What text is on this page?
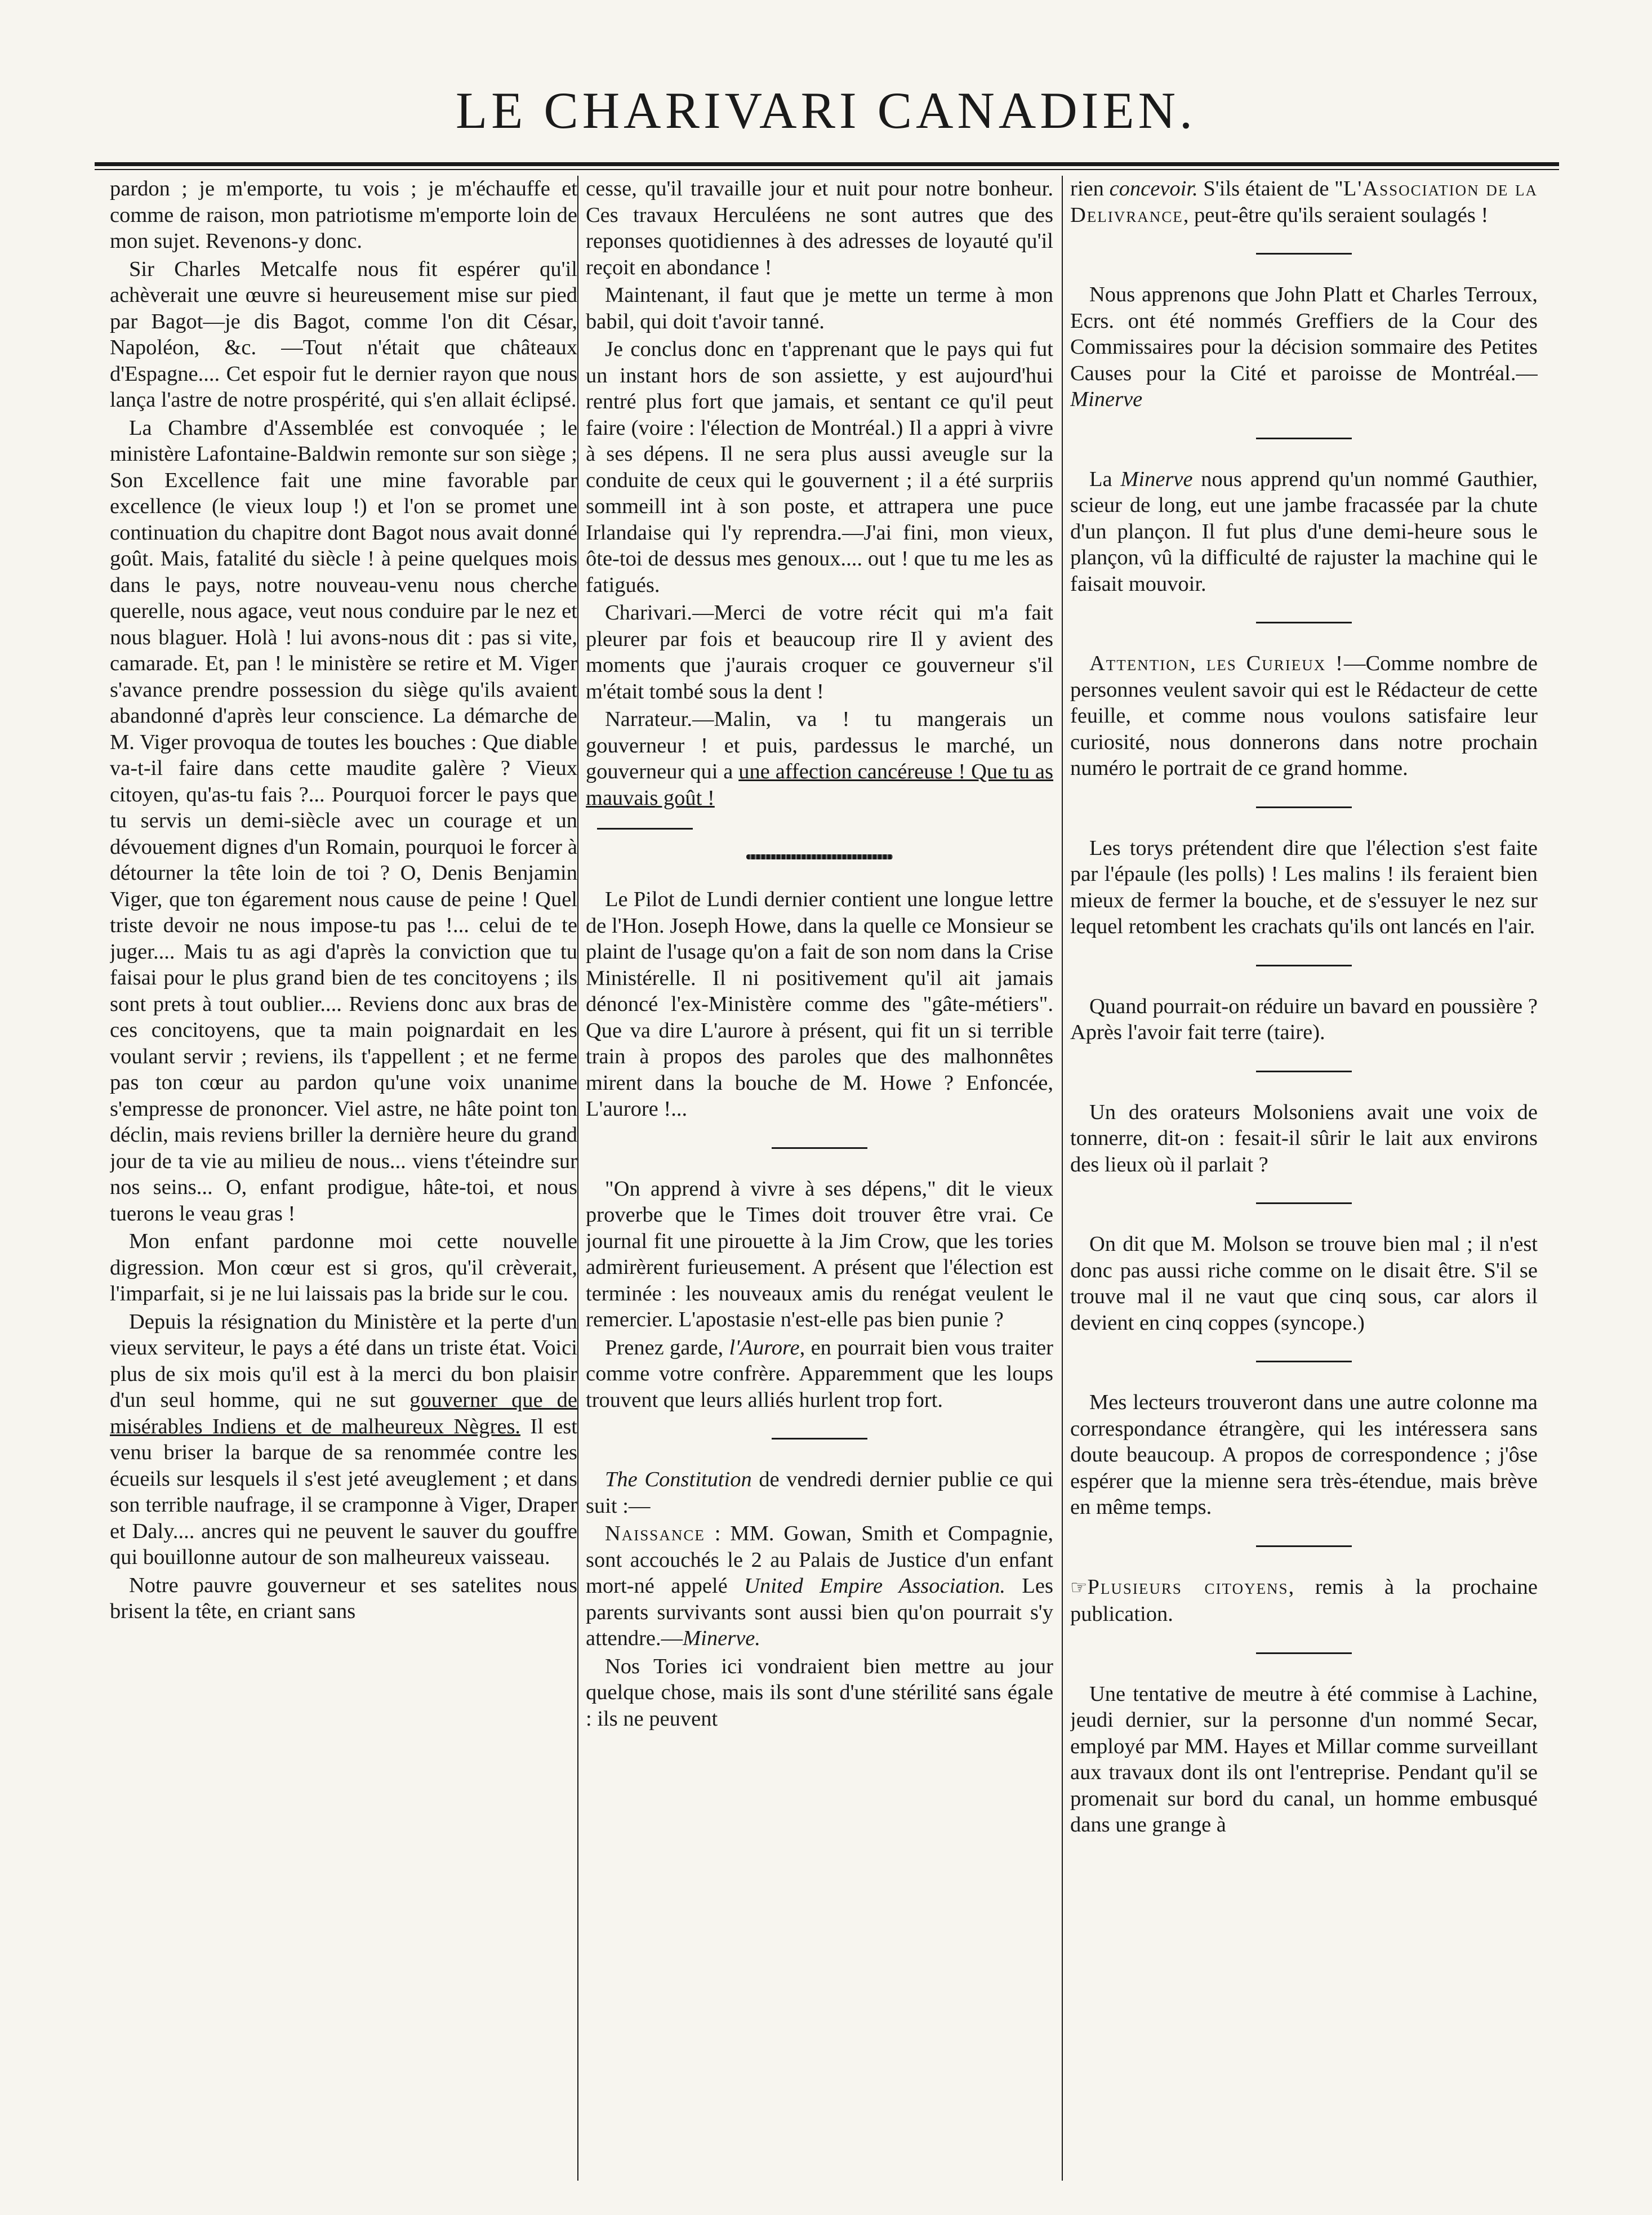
LE CHARIVARI CANADIEN.

pardon ; je m'emporte, tu vois ; je m'échauffe et comme de raison, mon patriotisme m'emporte loin de mon sujet. Revenons-y donc.

Sir Charles Metcalfe nous fit espérer qu'il achèverait une œuvre si heureusement mise sur pied par Bagot—je dis Bagot, comme l'on dit César, Napoléon, &c. —Tout n'était que châteaux d'Espagne.... Cet espoir fut le dernier rayon que nous lança l'astre de notre prospérité, qui s'en allait éclipsé.

La Chambre d'Assemblée est convoquée ; le ministère Lafontaine-Baldwin remonte sur son siège ; Son Excellence fait une mine favorable par excellence (le vieux loup !) et l'on se promet une continuation du chapitre dont Bagot nous avait donné goût. Mais, fatalité du siècle ! à peine quelques mois dans le pays, notre nouveau-venu nous cherche querelle, nous agace, veut nous conduire par le nez et nous blaguer. Holà ! lui avons-nous dit : pas si vite, camarade. Et, pan ! le ministère se retire et M. Viger s'avance prendre possession du siège qu'ils avaient abandonné d'après leur conscience. La démarche de M. Viger provoqua de toutes les bouches : Que diable va-t-il faire dans cette maudite galère ? Vieux citoyen, qu'as-tu fais ?... Pourquoi forcer le pays que tu servis un demi-siècle avec un courage et un dévouement dignes d'un Romain, pourquoi le forcer à détourner la tête loin de toi ? O, Denis Benjamin Viger, que ton égarement nous cause de peine ! Quel triste devoir ne nous impose-tu pas !... celui de te juger.... Mais tu as agi d'après la conviction que tu faisai pour le plus grand bien de tes concitoyens ; ils sont prets à tout oublier.... Reviens donc aux bras de ces concitoyens, que ta main poignardait en les voulant servir ; reviens, ils t'appellent ; et ne ferme pas ton cœur au pardon qu'une voix unanime s'empresse de prononcer. Viel astre, ne hâte point ton déclin, mais reviens briller la dernière heure du grand jour de ta vie au milieu de nous... viens t'éteindre sur nos seins... O, enfant prodigue, hâte-toi, et nous tuerons le veau gras !

Mon enfant pardonne moi cette nouvelle digression. Mon cœur est si gros, qu'il crèverait, l'imparfait, si je ne lui laissais pas la bride sur le cou.

Depuis la résignation du Ministère et la perte d'un vieux serviteur, le pays a été dans un triste état. Voici plus de six mois qu'il est à la merci du bon plaisir d'un seul homme, qui ne sut gouverner que de misérables Indiens et de malheureux Nègres. Il est venu briser la barque de sa renommée contre les écueils sur lesquels il s'est jeté aveuglement ; et dans son terrible naufrage, il se cramponne à Viger, Draper et Daly.... ancres qui ne peuvent le sauver du gouffre qui bouillonne autour de son malheureux vaisseau.

Notre pauvre gouverneur et ses satelites nous brisent la tête, en criant sans

cesse, qu'il travaille jour et nuit pour notre bonheur. Ces travaux Herculéens ne sont autres que des reponses quotidiennes à des adresses de loyauté qu'il reçoit en abondance !

Maintenant, il faut que je mette un terme à mon babil, qui doit t'avoir tanné.

Je conclus donc en t'apprenant que le pays qui fut un instant hors de son assiette, y est aujourd'hui rentré plus fort que jamais, et sentant ce qu'il peut faire (voire : l'élection de Montréal.) Il a appri à vivre à ses dépens. Il ne sera plus aussi aveugle sur la conduite de ceux qui le gouvernent ; il a été surpriis sommeill int à son poste, et attrapera une puce Irlandaise qui l'y reprendra.—J'ai fini, mon vieux, ôte-toi de dessus mes genoux.... out ! que tu me les as fatigués.

Charivari.—Merci de votre récit qui m'a fait pleurer par fois et beaucoup rire Il y avient des moments que j'aurais croquer ce gouverneur s'il m'était tombé sous la dent !

Narrateur.—Malin, va ! tu mangerais un gouverneur ! et puis, pardessus le marché, un gouverneur qui a une affection cancéreuse ! Que tu as mauvais goût !

Le Pilot de Lundi dernier contient une longue lettre de l'Hon. Joseph Howe, dans la quelle ce Monsieur se plaint de l'usage qu'on a fait de son nom dans la Crise Ministérelle. Il ni positivement qu'il ait jamais dénoncé l'ex-Ministère comme des "gâte-métiers". Que va dire L'aurore à présent, qui fit un si terrible train à propos des paroles que des malhonnêtes mirent dans la bouche de M. Howe ? Enfoncée, L'aurore !...

"On apprend à vivre à ses dépens," dit le vieux proverbe que le Times doit trouver être vrai. Ce journal fit une pirouette à la Jim Crow, que les tories admirèrent furieusement. A présent que l'élection est terminée : les nouveaux amis du renégat veulent le remercier. L'apostasie n'est-elle pas bien punie ?

Prenez garde, l'Aurore, en pourrait bien vous traiter comme votre confrère. Apparemment que les loups trouvent que leurs alliés hurlent trop fort.

The Constitution de vendredi dernier publie ce qui suit :—

Naissance : MM. Gowan, Smith et Compagnie, sont accouchés le 2 au Palais de Justice d'un enfant mort-né appelé United Empire Association. Les parents survivants sont aussi bien qu'on pourrait s'y attendre.—Minerve.

Nos Tories ici vondraient bien mettre au jour quelque chose, mais ils sont d'une stérilité sans égale : ils ne peuvent

rien concevoir. S'ils étaient de "L'Association de la Delivrance, peut-être qu'ils seraient soulagés !

Nous apprenons que John Platt et Charles Terroux, Ecrs. ont été nommés Greffiers de la Cour des Commissaires pour la décision sommaire des Petites Causes pour la Cité et paroisse de Montréal.—Minerve

La Minerve nous apprend qu'un nommé Gauthier, scieur de long, eut une jambe fracassée par la chute d'un plançon. Il fut plus d'une demi-heure sous le plançon, vû la difficulté de rajuster la machine qui le faisait mouvoir.

Attention, les Curieux !—Comme nombre de personnes veulent savoir qui est le Rédacteur de cette feuille, et comme nous voulons satisfaire leur curiosité, nous donnerons dans notre prochain numéro le portrait de ce grand homme.

Les torys prétendent dire que l'élection s'est faite par l'épaule (les polls) ! Les malins ! ils feraient bien mieux de fermer la bouche, et de s'essuyer le nez sur lequel retombent les crachats qu'ils ont lancés en l'air.

Quand pourrait-on réduire un bavard en poussière ? Après l'avoir fait terre (taire).

Un des orateurs Molsoniens avait une voix de tonnerre, dit-on : fesait-il sûrir le lait aux environs des lieux où il parlait ?

On dit que M. Molson se trouve bien mal ; il n'est donc pas aussi riche comme on le disait être. S'il se trouve mal il ne vaut que cinq sous, car alors il devient en cinq coppes (syncope.)

Mes lecteurs trouveront dans une autre colonne ma correspondance étrangère, qui les intéressera sans doute beaucoup. A propos de correspondence ; j'ôse espérer que la mienne sera très-étendue, mais brève en même temps.

☞Plusieurs citoyens, remis à la prochaine publication.

Une tentative de meutre à été commise à Lachine, jeudi dernier, sur la personne d'un nommé Secar, employé par MM. Hayes et Millar comme surveillant aux travaux dont ils ont l'entreprise. Pendant qu'il se promenait sur bord du canal, un homme embusqué dans une grange à
